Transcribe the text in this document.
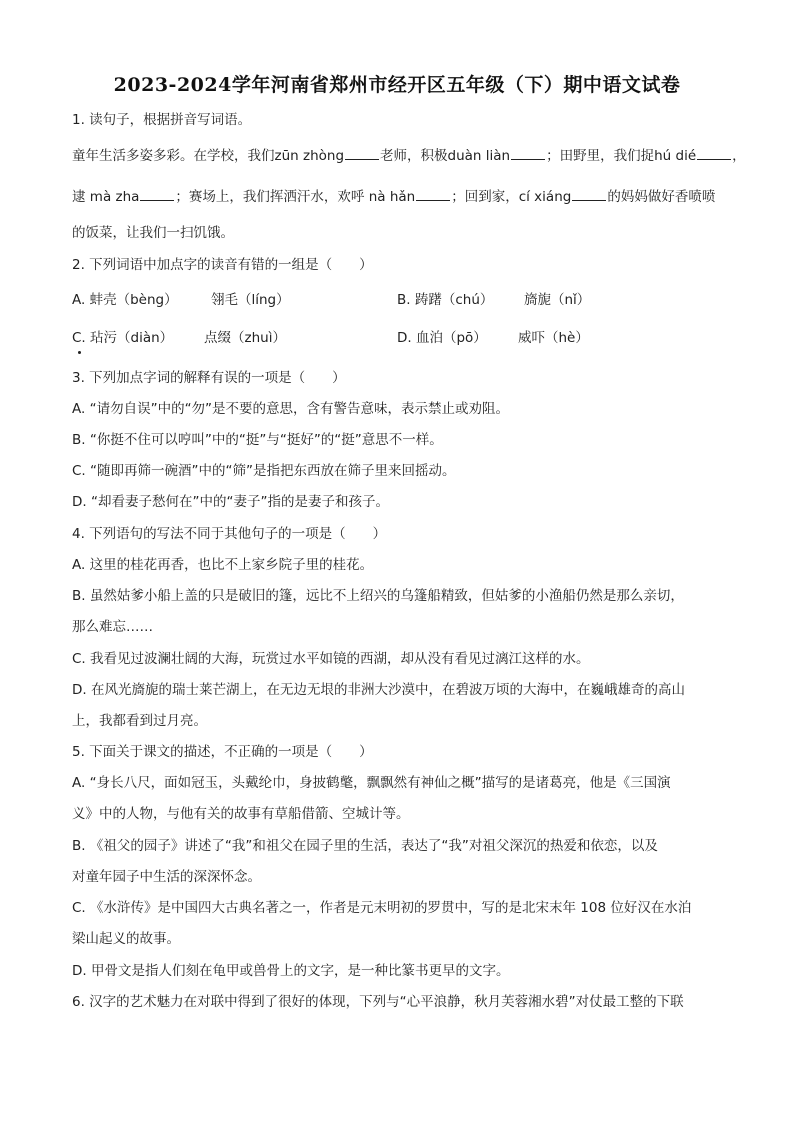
2023-2024学年河南省郑州市经开区五年级（下）期中语文试卷
1. 读句子，根据拼音写词语。
童年生活多姿多彩。在学校，我们zūn zhòng	老师，积极duàn liàn	；田野里，我们捉hú dié	，
逮 mà zha	；赛场上，我们挥洒汗水，欢呼 nà hǎn	；回到家，cí xiáng	的妈妈做好香喷喷
的饭菜，让我们一扫饥饿。
2. 下列词语中加点字的读音有错的一组是（　　）
A. 蚌壳（bèng） 翎毛（líng）	B. 踌躇（chú） 旖旎（nǐ）
C. 玷污（diàn） 点缀（zhuì）	D. 血泊（pō） 威吓（hè）
3. 下列加点字词的解释有误的一项是（　　）
A. “请勿自误”中的“勿”是不要的意思，含有警告意味，表示禁止或劝阻。
B. “你挺不住可以哼叫”中的“挺”与“挺好”的“挺”意思不一样。
C. “随即再筛一碗酒”中的“筛”是指把东西放在筛子里来回摇动。
D. “却看妻子愁何在”中的“妻子”指的是妻子和孩子。
4. 下列语句的写法不同于其他句子的一项是（　　）
A. 这里的桂花再香，也比不上家乡院子里的桂花。
B. 虽然姑爹小船上盖的只是破旧的篷，远比不上绍兴的乌篷船精致，但姑爹的小渔船仍然是那么亲切，
那么难忘……
C. 我看见过波澜壮阔的大海，玩赏过水平如镜的西湖，却从没有看见过漓江这样的水。
D. 在风光旖旎的瑞士莱芒湖上，在无边无垠的非洲大沙漠中，在碧波万顷的大海中，在巍峨雄奇的高山
上，我都看到过月亮。
5. 下面关于课文的描述，不正确的一项是（　　）
A. “身长八尺，面如冠玉，头戴纶巾，身披鹤氅，飘飘然有神仙之概”描写的是诸葛亮，他是《三国演
义》中的人物，与他有关的故事有草船借箭、空城计等。
B. 《祖父的园子》讲述了“我”和祖父在园子里的生活，表达了“我”对祖父深沉的热爱和依恋，以及
对童年园子中生活的深深怀念。
C. 《水浒传》是中国四大古典名著之一，作者是元末明初的罗贯中，写的是北宋末年 108 位好汉在水泊
梁山起义的故事。
D. 甲骨文是指人们刻在龟甲或兽骨上的文字，是一种比篆书更早的文字。
6. 汉字的艺术魅力在对联中得到了很好的体现，下列与“心平浪静，秋月芙蓉湘水碧”对仗最工整的下联
